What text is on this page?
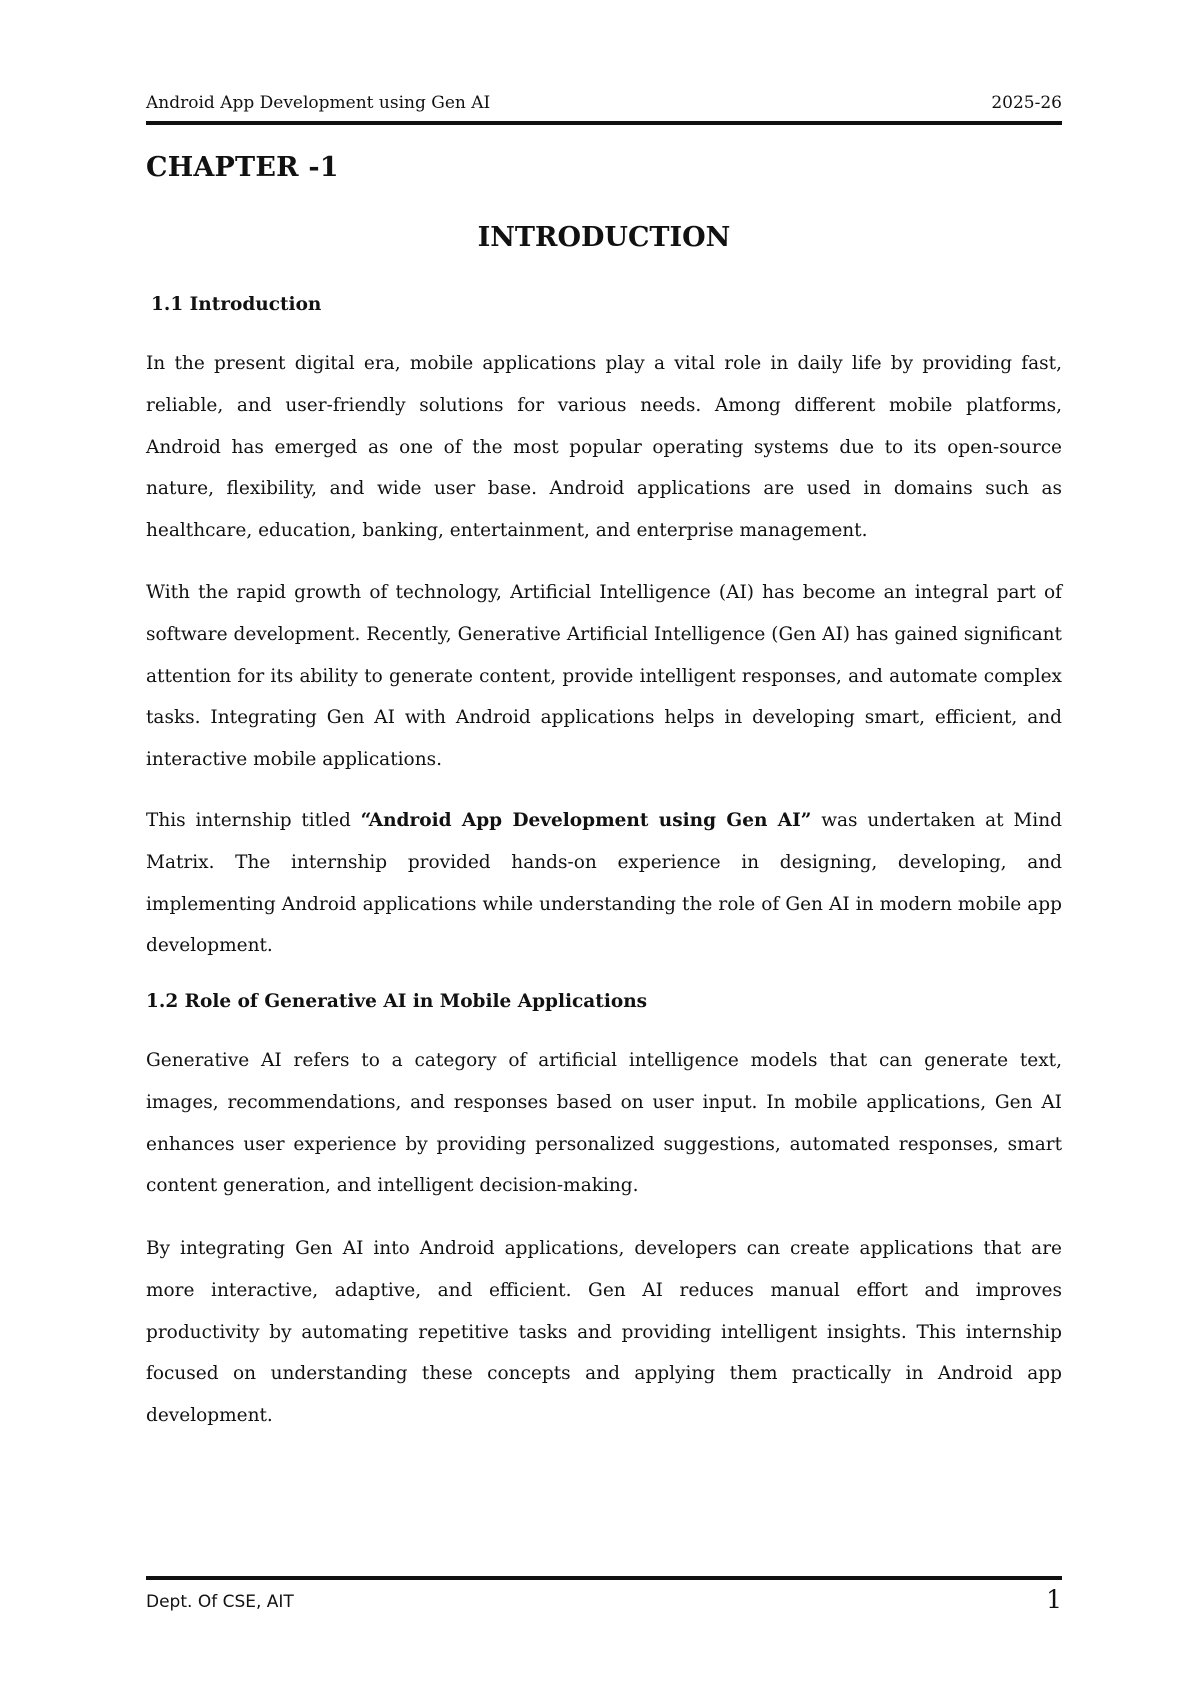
Android App Development using Gen AI	2025-26
CHAPTER -1
INTRODUCTION
1.1 Introduction

In the present digital era, mobile applications play a vital role in daily life by providing fast, reliable, and user-friendly solutions for various needs. Among different mobile platforms, Android has emerged as one of the most popular operating systems due to its open-source nature, flexibility, and wide user base. Android applications are used in domains such as healthcare, education, banking, entertainment, and enterprise management.

With the rapid growth of technology, Artificial Intelligence (AI) has become an integral part of software development. Recently, Generative Artificial Intelligence (Gen AI) has gained significant attention for its ability to generate content, provide intelligent responses, and automate complex tasks. Integrating Gen AI with Android applications helps in developing smart, efficient, and interactive mobile applications.

This internship titled “Android App Development using Gen AI” was undertaken at Mind Matrix. The internship provided hands-on experience in designing, developing, and implementing Android applications while understanding the role of Gen AI in modern mobile app development.

1.2 Role of Generative AI in Mobile Applications

Generative AI refers to a category of artificial intelligence models that can generate text, images, recommendations, and responses based on user input. In mobile applications, Gen AI enhances user experience by providing personalized suggestions, automated responses, smart content generation, and intelligent decision-making.

By integrating Gen AI into Android applications, developers can create applications that are more interactive, adaptive, and efficient. Gen AI reduces manual effort and improves productivity by automating repetitive tasks and providing intelligent insights. This internship focused on understanding these concepts and applying them practically in Android app development.

Dept. Of CSE, AIT	1
